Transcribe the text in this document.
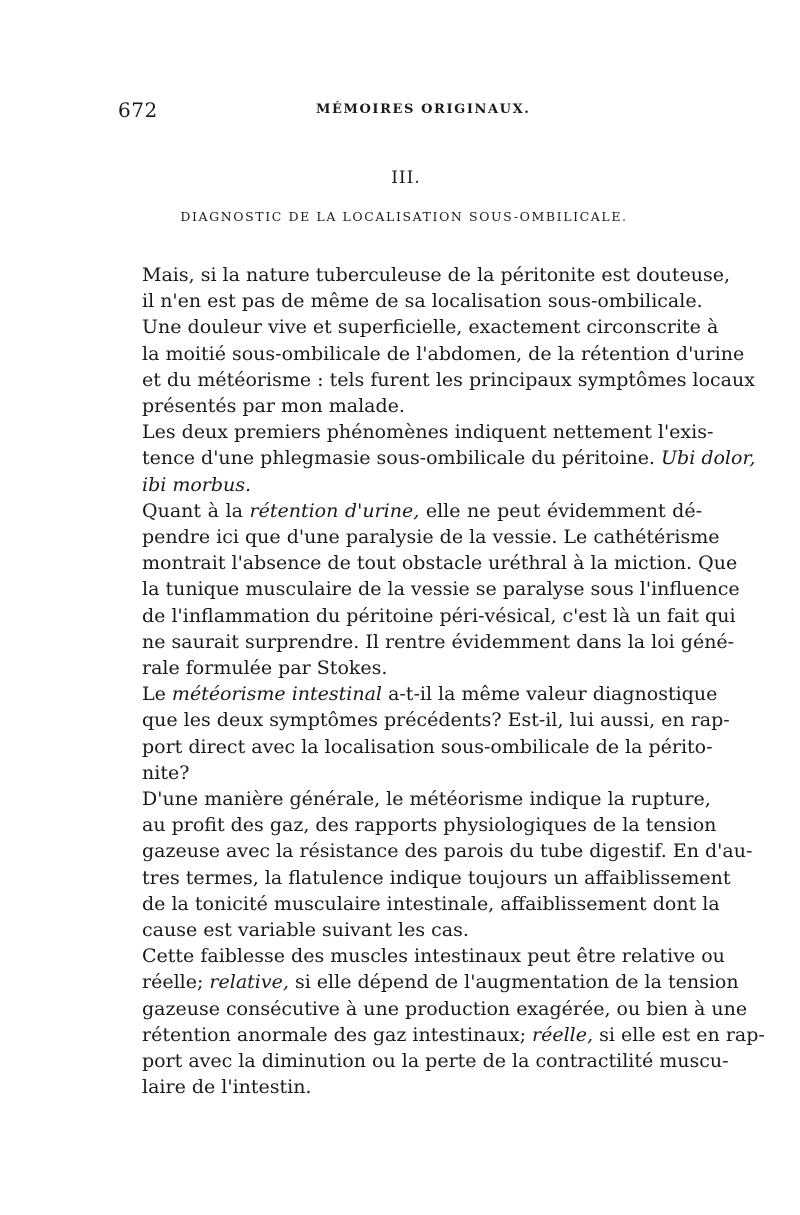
672	MÉMOIRES ORIGINAUX.
III.
DIAGNOSTIC DE LA LOCALISATION SOUS-OMBILICALE.

Mais, si la nature tuberculeuse de la péritonite est douteuse,
il n'en est pas de même de sa localisation sous-ombilicale.

Une douleur vive et superficielle, exactement circonscrite à
la moitié sous-ombilicale de l'abdomen, de la rétention d'urine
et du météorisme : tels furent les principaux symptômes locaux
présentés par mon malade.

Les deux premiers phénomènes indiquent nettement l'exis-
tence d'une phlegmasie sous-ombilicale du péritoine. Ubi dolor,
ibi morbus.

Quant à la rétention d'urine, elle ne peut évidemment dé-
pendre ici que d'une paralysie de la vessie. Le cathétérisme
montrait l'absence de tout obstacle uréthral à la miction. Que
la tunique musculaire de la vessie se paralyse sous l'influence
de l'inflammation du péritoine péri-vésical, c'est là un fait qui
ne saurait surprendre. Il rentre évidemment dans la loi géné-
rale formulée par Stokes.

Le météorisme intestinal a-t-il la même valeur diagnostique
que les deux symptômes précédents? Est-il, lui aussi, en rap-
port direct avec la localisation sous-ombilicale de la périto-
nite?

D'une manière générale, le météorisme indique la rupture,
au profit des gaz, des rapports physiologiques de la tension
gazeuse avec la résistance des parois du tube digestif. En d'au-
tres termes, la flatulence indique toujours un affaiblissement
de la tonicité musculaire intestinale, affaiblissement dont la
cause est variable suivant les cas.

Cette faiblesse des muscles intestinaux peut être relative ou
réelle; relative, si elle dépend de l'augmentation de la tension
gazeuse consécutive à une production exagérée, ou bien à une
rétention anormale des gaz intestinaux; réelle, si elle est en rap-
port avec la diminution ou la perte de la contractilité muscu-
laire de l'intestin.
